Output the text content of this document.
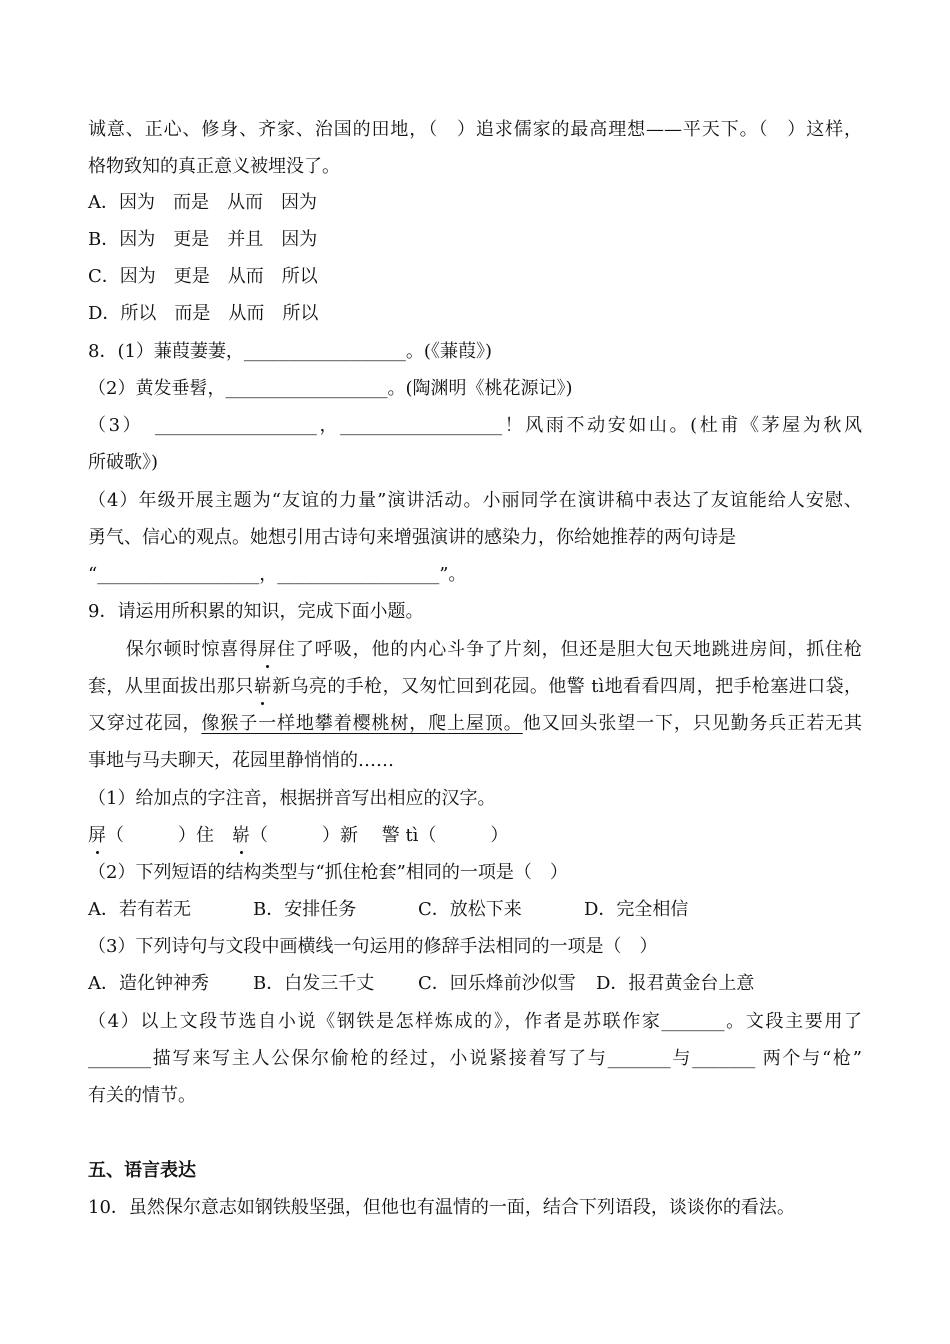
诚意、正心、修身、齐家、治国的田地，（　）追求儒家的最高理想——平天下。（　）这样，
格物致知的真正意义被埋没了。
A．因为　而是　从而　因为
B．因为　更是　并且　因为
C．因为　更是　从而　所以
D．所以　而是　从而　所以
8．(1）蒹葭萋萋，__________________。(《蒹葭》)
（2）黄发垂髫，__________________。(陶渊明《桃花源记》)
（3）　__________________，__________________！风雨不动安如山。(杜甫《茅屋为秋风
所破歌》)
（4）年级开展主题为“友谊的力量”演讲活动。小丽同学在演讲稿中表达了友谊能给人安慰、
勇气、信心的观点。她想引用古诗句来增强演讲的感染力，你给她推荐的两句诗是
“__________________，__________________”。
9．请运用所积累的知识，完成下面小题。
　　保尔顿时惊喜得屏住了呼吸，他的内心斗争了片刻，但还是胆大包天地跳进房间，抓住枪
套，从里面拔出那只崭新乌亮的手枪，又匆忙回到花园。他警 tì地看看四周，把手枪塞进口袋，
又穿过花园，像猴子一样地攀着樱桃树，爬上屋顶。他又回头张望一下，只见勤务兵正若无其
事地与马夫聊天，花园里静悄悄的……
（1）给加点的字注音，根据拼音写出相应的汉字。
屏（　　　）住　崭（　　　）新　 警 tì（　　　）
（2）下列短语的结构类型与“抓住枪套”相同的一项是（　）
A．若有若无	B．安排任务	C．放松下来	D．完全相信
（3）下列诗句与文段中画横线一句运用的修辞手法相同的一项是（　）
A．造化钟神秀 B．白发三千丈 C．回乐烽前沙似雪 D．报君黄金台上意
（4）以上文段节选自小说《钢铁是怎样炼成的》，作者是苏联作家_______。文段主要用了
_______描写来写主人公保尔偷枪的经过，小说紧接着写了与_______与_______ 两个与“枪”
有关的情节。
五、语言表达
10．虽然保尔意志如钢铁般坚强，但他也有温情的一面，结合下列语段，谈谈你的看法。
